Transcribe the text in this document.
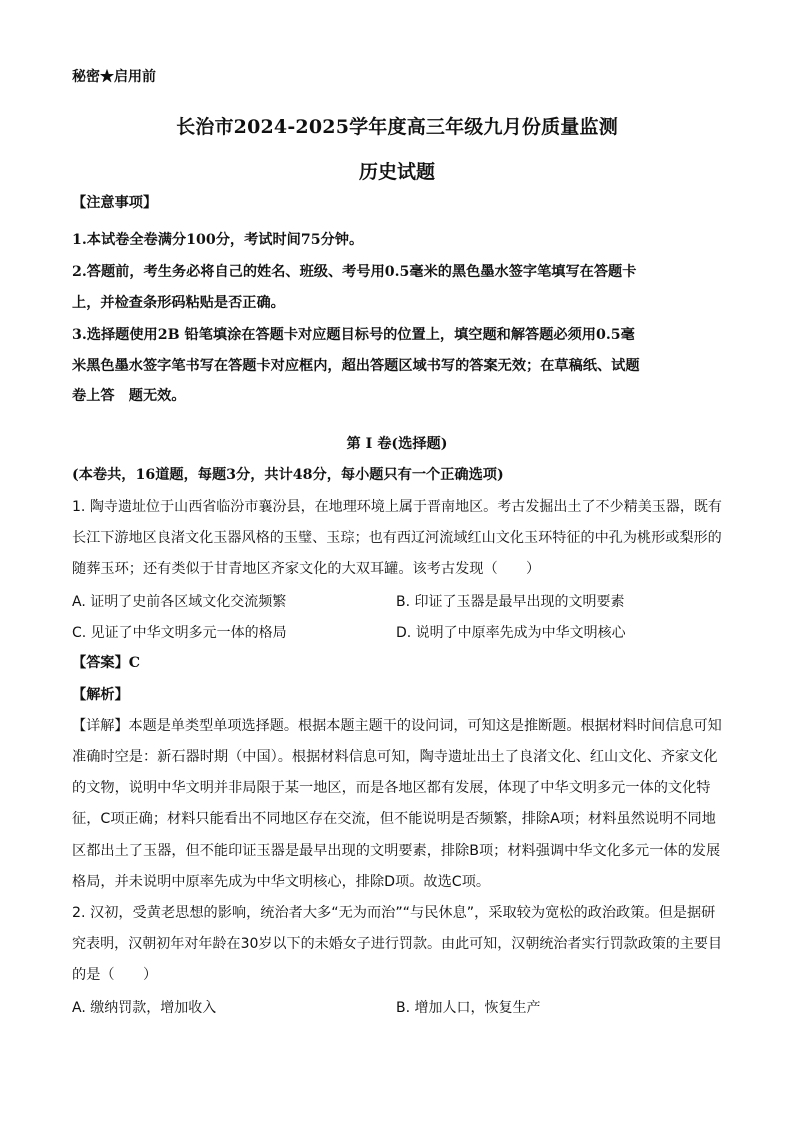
秘密★启用前
长治市2024-2025学年度高三年级九月份质量监测
历史试题
【注意事项】
1.本试卷全卷满分100分，考试时间75分钟。
2.答题前，考生务必将自己的姓名、班级、考号用0.5毫米的黑色墨水签字笔填写在答题卡
上，并检查条形码粘贴是否正确。
3.选择题使用2B 铅笔填涂在答题卡对应题目标号的位置上，填空题和解答题必须用0.5毫
米黑色墨水签字笔书写在答题卡对应框内，超出答题区域书写的答案无效；在草稿纸、试题
卷上答　题无效。
第 I 卷(选择题)
(本卷共，16道题，每题3分，共计48分，每小题只有一个正确选项)
1. 陶寺遗址位于山西省临汾市襄汾县，在地理环境上属于晋南地区。考古发掘出土了不少精美玉器，既有
长江下游地区良渚文化玉器风格的玉璧、玉琮；也有西辽河流域红山文化玉环特征的中孔为桃形或梨形的
随葬玉环；还有类似于甘青地区齐家文化的大双耳罐。该考古发现（　　）
A. 证明了史前各区域文化交流频繁	B. 印证了玉器是最早出现的文明要素
C. 见证了中华文明多元一体的格局	D. 说明了中原率先成为中华文明核心
【答案】C
【解析】
【详解】本题是单类型单项选择题。根据本题主题干的设问词，可知这是推断题。根据材料时间信息可知
准确时空是：新石器时期（中国）。根据材料信息可知，陶寺遗址出土了良渚文化、红山文化、齐家文化
的文物，说明中华文明并非局限于某一地区，而是各地区都有发展，体现了中华文明多元一体的文化特
征，C项正确；材料只能看出不同地区存在交流，但不能说明是否频繁，排除A项；材料虽然说明不同地
区都出土了玉器，但不能印证玉器是最早出现的文明要素，排除B项；材料强调中华文化多元一体的发展
格局，并未说明中原率先成为中华文明核心，排除D项。故选C项。
2. 汉初，受黄老思想的影响，统治者大多“无为而治”“与民休息”，采取较为宽松的政治政策。但是据研
究表明，汉朝初年对年龄在30岁以下的未婚女子进行罚款。由此可知，汉朝统治者实行罚款政策的主要目
的是（　　）
A. 缴纳罚款，增加收入	B. 增加人口，恢复生产
